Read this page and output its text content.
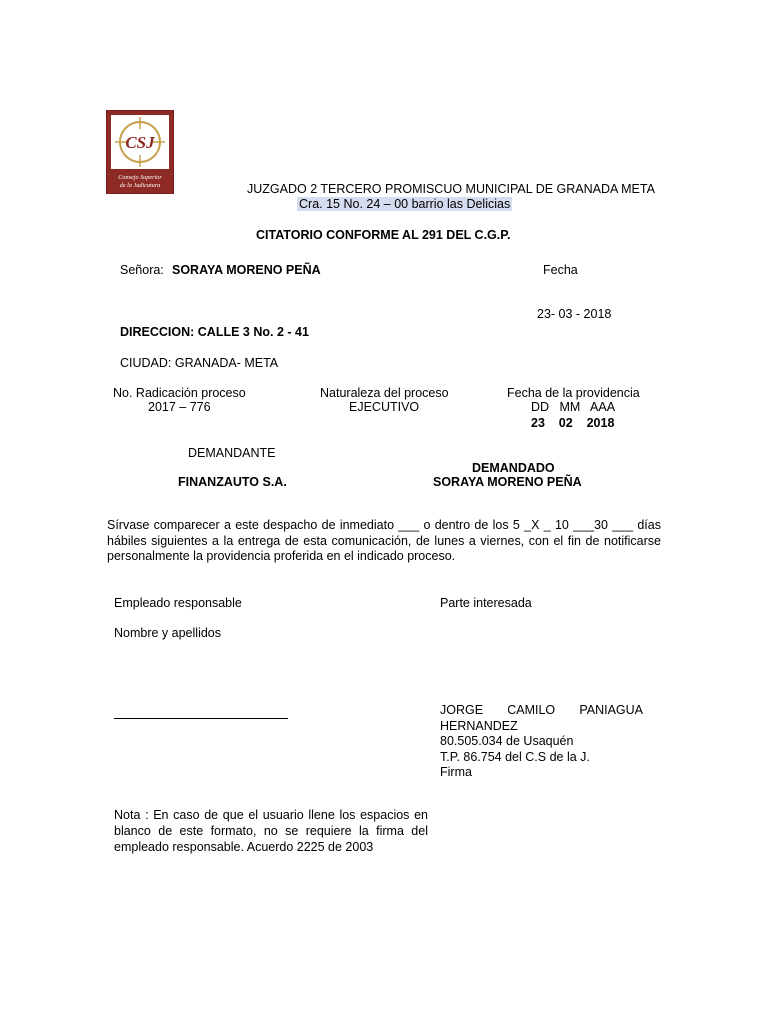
CSJ
Consejo Superior
de la Judicatura	JUZGADO 2 TERCERO PROMISCUO MUNICIPAL DE GRANADA META
Cra. 15 No. 24 – 00 barrio las Delicias
CITATORIO CONFORME AL 291 DEL C.G.P.
Señora: SORAYA MORENO PEÑA	Fecha
23- 03 - 2018
DIRECCION: CALLE 3 No. 2 - 41
CIUDAD: GRANADA- META
No. Radicación proceso
2017 – 776
Naturaleza del proceso
EJECUTIVO
Fecha de la providencia
DD   MM   AAA
23    02    2018
DEMANDANTE
FINANZAUTO S.A.
DEMANDADO
SORAYA MORENO PEÑA
Sírvase comparecer a este despacho de inmediato ___ o dentro de los 5 _X _ 10 ___30 ___ días hábiles siguientes a la entrega de esta comunicación, de lunes a viernes, con el fin de notificarse personalmente la providencia proferida en el indicado proceso.
Empleado responsable
Nombre y apellidos
Parte interesada
JORGE CAMILO PANIAGUA
HERNANDEZ
80.505.034 de Usaquén
T.P. 86.754 del C.S de la J.
Firma
Nota : En caso de que el usuario llene los espacios en blanco de este formato, no se requiere la firma del empleado responsable. Acuerdo 2225 de 2003
